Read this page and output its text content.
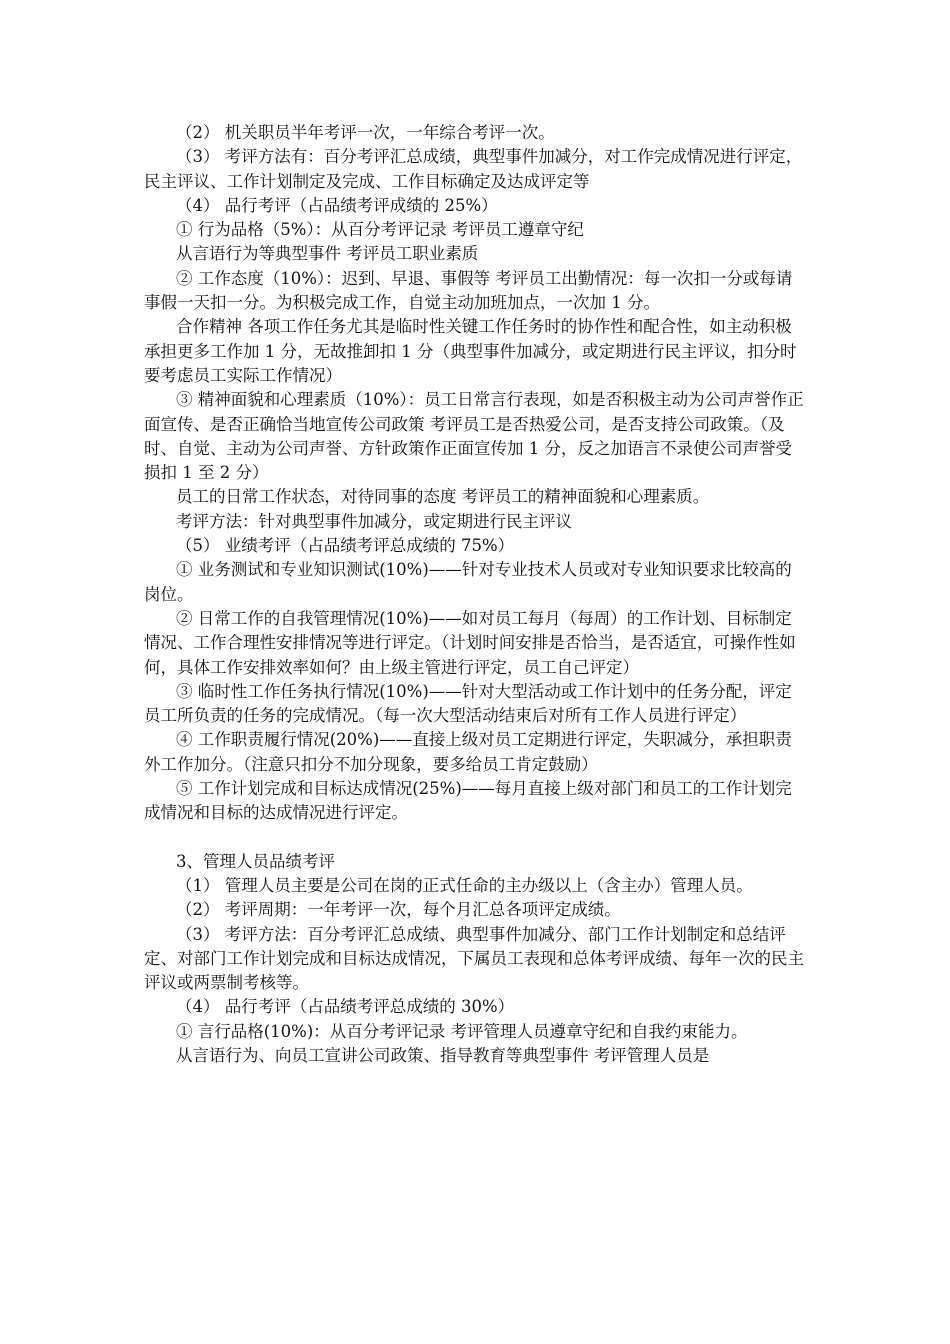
（2） 机关职员半年考评一次，一年综合考评一次。

（3） 考评方法有：百分考评汇总成绩，典型事件加减分，对工作完成情况进行评定，民主评议、工作计划制定及完成、工作目标确定及达成评定等

（4） 品行考评（占品绩考评成绩的 25%）

① 行为品格（5%）：从百分考评记录 考评员工遵章守纪

从言语行为等典型事件 考评员工职业素质

② 工作态度（10%）：迟到、早退、事假等 考评员工出勤情况：每一次扣一分或每请事假一天扣一分。为积极完成工作，自觉主动加班加点，一次加 1 分。

合作精神 各项工作任务尤其是临时性关键工作任务时的协作性和配合性，如主动积极承担更多工作加 1 分，无故推卸扣 1 分（典型事件加减分，或定期进行民主评议，扣分时要考虑员工实际工作情况）

③ 精神面貌和心理素质（10%）：员工日常言行表现，如是否积极主动为公司声誉作正面宣传、是否正确恰当地宣传公司政策 考评员工是否热爱公司，是否支持公司政策。（及时、自觉、主动为公司声誉、方针政策作正面宣传加 1 分，反之加语言不录使公司声誉受损扣 1 至 2 分）

员工的日常工作状态，对待同事的态度 考评员工的精神面貌和心理素质。

考评方法：针对典型事件加减分，或定期进行民主评议

（5） 业绩考评（占品绩考评总成绩的 75%）

① 业务测试和专业知识测试(10%)——针对专业技术人员或对专业知识要求比较高的岗位。

② 日常工作的自我管理情况(10%)——如对员工每月（每周）的工作计划、目标制定情况、工作合理性安排情况等进行评定。（计划时间安排是否恰当，是否适宜，可操作性如何，具体工作安排效率如何？由上级主管进行评定，员工自己评定）

③ 临时性工作任务执行情况(10%)——针对大型活动或工作计划中的任务分配，评定员工所负责的任务的完成情况。（每一次大型活动结束后对所有工作人员进行评定）

④ 工作职责履行情况(20%)——直接上级对员工定期进行评定，失职减分，承担职责外工作加分。（注意只扣分不加分现象，要多给员工肯定鼓励）

⑤ 工作计划完成和目标达成情况(25%)——每月直接上级对部门和员工的工作计划完成情况和目标的达成情况进行评定。

3、管理人员品绩考评

（1） 管理人员主要是公司在岗的正式任命的主办级以上（含主办）管理人员。

（2） 考评周期：一年考评一次，每个月汇总各项评定成绩。

（3） 考评方法：百分考评汇总成绩、典型事件加减分、部门工作计划制定和总结评定、对部门工作计划完成和目标达成情况，下属员工表现和总体考评成绩、每年一次的民主评议或两票制考核等。

（4） 品行考评（占品绩考评总成绩的 30%）

① 言行品格(10%)：从百分考评记录 考评管理人员遵章守纪和自我约束能力。

从言语行为、向员工宣讲公司政策、指导教育等典型事件 考评管理人员是
